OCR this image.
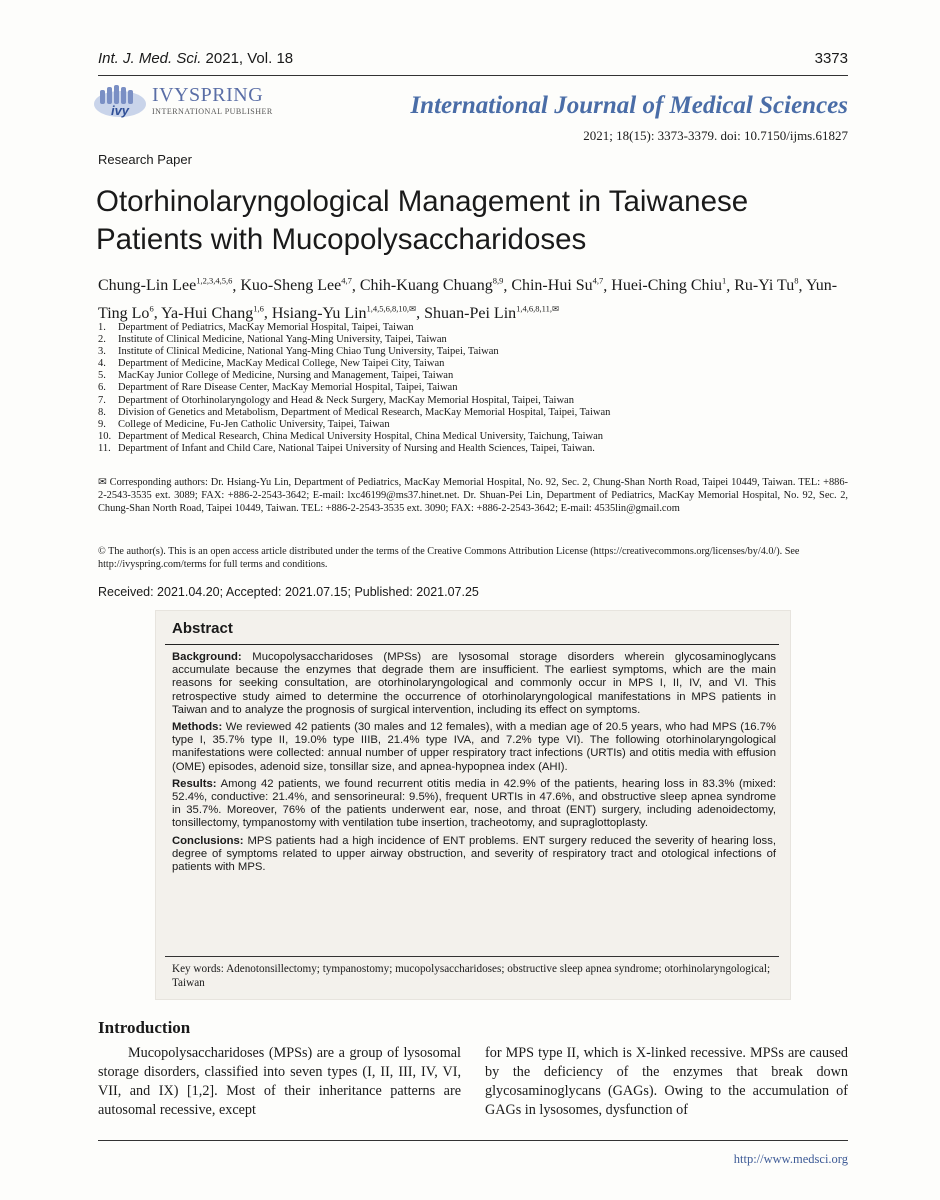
Int. J. Med. Sci. 2021, Vol. 18	3373
ivy
IVYSPRING
INTERNATIONAL PUBLISHER	International Journal of Medical Sciences
2021; 18(15): 3373-3379. doi: 10.7150/ijms.61827
Research Paper
Otorhinolaryngological Management in Taiwanese Patients with Mucopolysaccharidoses
Chung-Lin Lee$^{1,2,3,4,5,6}$, Kuo-Sheng Lee$^{4,7}$, Chih-Kuang Chuang$^{8,9}$, Chin-Hui Su$^{4,7}$, Huei-Ching Chiu$^1$, Ru-Yi Tu$^8$, Yun-Ting Lo$^6$, Ya-Hui Chang$^{1,6}$, Hsiang-Yu Lin$^{1,4,5,6,8,10,✉}$, Shuan-Pei Lin$^{1,4,6,8,11,✉}$
1. Department of Pediatrics, MacKay Memorial Hospital, Taipei, Taiwan
2. Institute of Clinical Medicine, National Yang-Ming University, Taipei, Taiwan
3. Institute of Clinical Medicine, National Yang-Ming Chiao Tung University, Taipei, Taiwan
4. Department of Medicine, MacKay Medical College, New Taipei City, Taiwan
5. MacKay Junior College of Medicine, Nursing and Management, Taipei, Taiwan
6. Department of Rare Disease Center, MacKay Memorial Hospital, Taipei, Taiwan
7. Department of Otorhinolaryngology and Head & Neck Surgery, MacKay Memorial Hospital, Taipei, Taiwan
8. Division of Genetics and Metabolism, Department of Medical Research, MacKay Memorial Hospital, Taipei, Taiwan
9. College of Medicine, Fu-Jen Catholic University, Taipei, Taiwan
10. Department of Medical Research, China Medical University Hospital, China Medical University, Taichung, Taiwan
11. Department of Infant and Child Care, National Taipei University of Nursing and Health Sciences, Taipei, Taiwan.
✉ Corresponding authors: Dr. Hsiang-Yu Lin, Department of Pediatrics, MacKay Memorial Hospital, No. 92, Sec. 2, Chung-Shan North Road, Taipei 10449, Taiwan. TEL: +886-2-2543-3535 ext. 3089; FAX: +886-2-2543-3642; E-mail: lxc46199@ms37.hinet.net. Dr. Shuan-Pei Lin, Department of Pediatrics, MacKay Memorial Hospital, No. 92, Sec. 2, Chung-Shan North Road, Taipei 10449, Taiwan. TEL: +886-2-2543-3535 ext. 3090; FAX: +886-2-2543-3642; E-mail: 4535lin@gmail.com
© The author(s). This is an open access article distributed under the terms of the Creative Commons Attribution License (https://creativecommons.org/licenses/by/4.0/). See http://ivyspring.com/terms for full terms and conditions.
Received: 2021.04.20; Accepted: 2021.07.15; Published: 2021.07.25
Abstract

Background: Mucopolysaccharidoses (MPSs) are lysosomal storage disorders wherein glycosaminoglycans accumulate because the enzymes that degrade them are insufficient. The earliest symptoms, which are the main reasons for seeking consultation, are otorhinolaryngological and commonly occur in MPS I, II, IV, and VI. This retrospective study aimed to determine the occurrence of otorhinolaryngological manifestations in MPS patients in Taiwan and to analyze the prognosis of surgical intervention, including its effect on symptoms.

Methods: We reviewed 42 patients (30 males and 12 females), with a median age of 20.5 years, who had MPS (16.7% type I, 35.7% type II, 19.0% type IIIB, 21.4% type IVA, and 7.2% type VI). The following otorhinolaryngological manifestations were collected: annual number of upper respiratory tract infections (URTIs) and otitis media with effusion (OME) episodes, adenoid size, tonsillar size, and apnea-hypopnea index (AHI).

Results: Among 42 patients, we found recurrent otitis media in 42.9% of the patients, hearing loss in 83.3% (mixed: 52.4%, conductive: 21.4%, and sensorineural: 9.5%), frequent URTIs in 47.6%, and obstructive sleep apnea syndrome in 35.7%. Moreover, 76% of the patients underwent ear, nose, and throat (ENT) surgery, including adenoidectomy, tonsillectomy, tympanostomy with ventilation tube insertion, tracheotomy, and supraglottoplasty.

Conclusions: MPS patients had a high incidence of ENT problems. ENT surgery reduced the severity of hearing loss, degree of symptoms related to upper airway obstruction, and severity of respiratory tract and otological infections of patients with MPS.

Key words: Adenotonsillectomy; tympanostomy; mucopolysaccharidoses; obstructive sleep apnea syndrome; otorhinolaryngological; Taiwan
Introduction
Mucopolysaccharidoses (MPSs) are a group of lysosomal storage disorders, classified into seven types (I, II, III, IV, VI, VII, and IX) [1,2]. Most of their inheritance patterns are autosomal recessive, except
for MPS type II, which is X-linked recessive. MPSs are caused by the deficiency of the enzymes that break down glycosaminoglycans (GAGs). Owing to the accumulation of GAGs in lysosomes, dysfunction of
http://www.medsci.org
